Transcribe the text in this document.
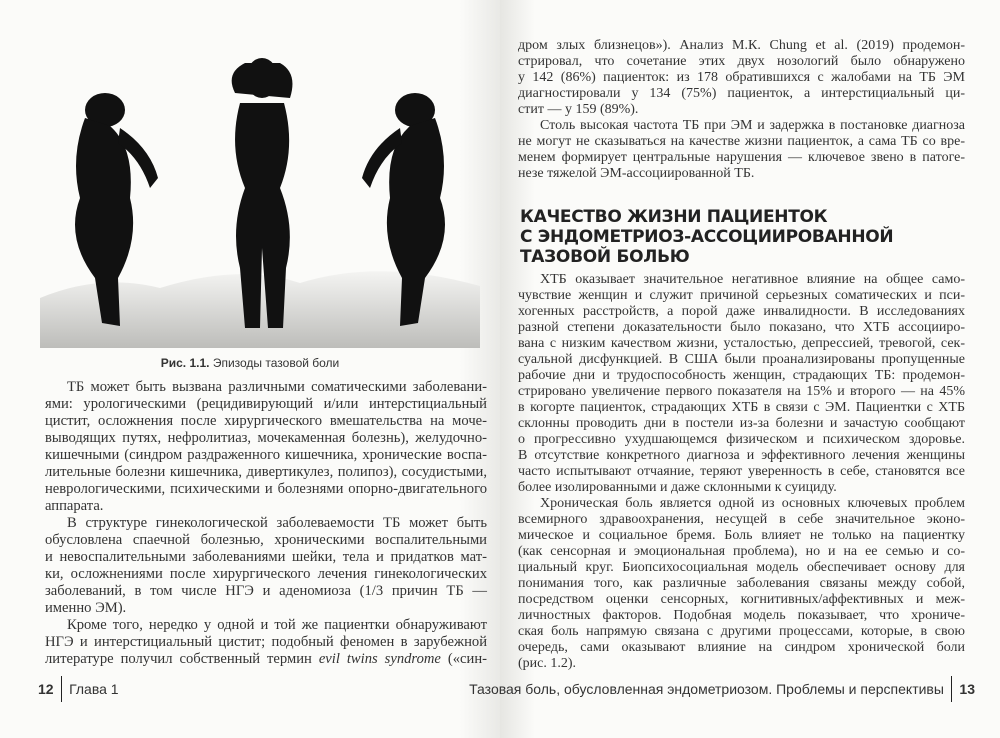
Рис. 1.1. Эпизоды тазовой боли
ТБ может быть вызвана различными соматическими заболевани-
ями: урологическими (рецидивирующий и/или интерстициальный
цистит, осложнения после хирургического вмешательства на моче-
выводящих путях, нефролитиаз, мочекаменная болезнь), желудочно-
кишечными (синдром раздраженного кишечника, хронические воспа-
лительные болезни кишечника, дивертикулез, полипоз), сосудистыми,
неврологическими, психическими и болезнями опорно-двигательного
аппарата.
В структуре гинекологической заболеваемости ТБ может быть
обусловлена спаечной болезнью, хроническими воспалительными
и невоспалительными заболеваниями шейки, тела и придатков мат-
ки, осложнениями после хирургического лечения гинекологических
заболеваний, в том числе НГЭ и аденомиоза (1/3 причин ТБ —
именно ЭМ).
Кроме того, нередко у одной и той же пациентки обнаруживают
НГЭ и интерстициальный цистит; подобный феномен в зарубежной
литературе получил собственный термин evil twins syndrome («син-
12 Глава 1
дром злых близнецов»). Анализ М.К. Chung et al. (2019) продемон-
стрировал, что сочетание этих двух нозологий было обнаружено
у 142 (86%) пациенток: из 178 обратившихся с жалобами на ТБ ЭМ
диагностировали у 134 (75%) пациенток, а интерстициальный ци-
стит — у 159 (89%).
Столь высокая частота ТБ при ЭМ и задержка в постановке диагноза
не могут не сказываться на качестве жизни пациенток, а сама ТБ со вре-
менем формирует центральные нарушения — ключевое звено в патоге-
незе тяжелой ЭМ-ассоциированной ТБ.
КАЧЕСТВО ЖИЗНИ ПАЦИЕНТОК
С ЭНДОМЕТРИОЗ-АССОЦИИРОВАННОЙ
ТАЗОВОЙ БОЛЬЮ
ХТБ оказывает значительное негативное влияние на общее само-
чувствие женщин и служит причиной серьезных соматических и пси-
хогенных расстройств, а порой даже инвалидности. В исследованиях
разной степени доказательности было показано, что ХТБ ассоцииро-
вана с низким качеством жизни, усталостью, депрессией, тревогой, сек-
суальной дисфункцией. В США были проанализированы пропущенные
рабочие дни и трудоспособность женщин, страдающих ТБ: продемон-
стрировано увеличение первого показателя на 15% и второго — на 45%
в когорте пациенток, страдающих ХТБ в связи с ЭМ. Пациентки с ХТБ
склонны проводить дни в постели из-за болезни и зачастую сообщают
о прогрессивно ухудшающемся физическом и психическом здоровье.
В отсутствие конкретного диагноза и эффективного лечения женщины
часто испытывают отчаяние, теряют уверенность в себе, становятся все
более изолированными и даже склонными к суициду.
Хроническая боль является одной из основных ключевых проблем
всемирного здравоохранения, несущей в себе значительное эконо-
мическое и социальное бремя. Боль влияет не только на пациентку
(как сенсорная и эмоциональная проблема), но и на ее семью и со-
циальный круг. Биопсихосоциальная модель обеспечивает основу для
понимания того, как различные заболевания связаны между собой,
посредством оценки сенсорных, когнитивных/аффективных и меж-
личностных факторов. Подобная модель показывает, что хрониче-
ская боль напрямую связана с другими процессами, которые, в свою
очередь, сами оказывают влияние на синдром хронической боли
(рис. 1.2).
Тазовая боль, обусловленная эндометриозом. Проблемы и перспективы 13
